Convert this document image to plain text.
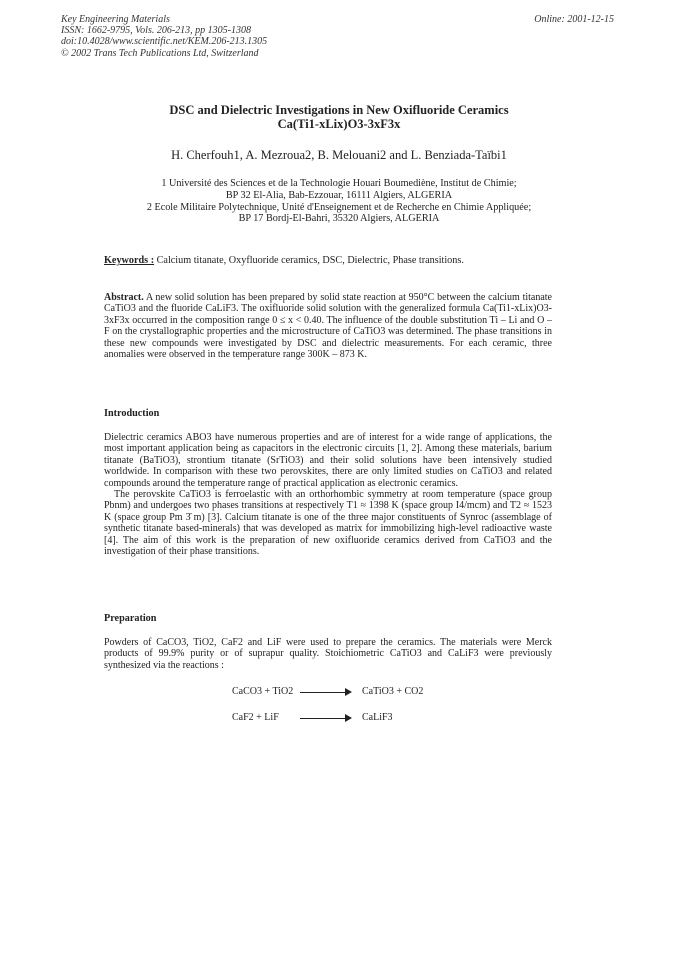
Key Engineering Materials
ISSN: 1662-9795, Vols. 206-213, pp 1305-1308
doi:10.4028/www.scientific.net/KEM.206-213.1305
© 2002 Trans Tech Publications Ltd, Switzerland
Online: 2001-12-15
DSC and Dielectric Investigations in New Oxifluoride Ceramics
Ca(Ti1-xLix)O3-3xF3x
H. Cherfouh1, A. Mezroua2, B. Melouani2 and L. Benziada-Taïbi1
1 Université des Sciences et de la Technologie Houari Boumediène, Institut de Chimie;
BP 32 El-Alia, Bab-Ezzouar, 16111 Algiers, ALGERIA
2 Ecole Militaire Polytechnique, Unité d'Enseignement et de Recherche en Chimie Appliquée;
BP 17 Bordj-El-Bahri, 35320 Algiers, ALGERIA
Keywords : Calcium titanate, Oxyfluoride ceramics, DSC, Dielectric, Phase transitions.

Abstract. A new solid solution has been prepared by solid state reaction at 950°C between the calcium titanate CaTiO3 and the fluoride CaLiF3. The oxifluoride solid solution with the generalized formula Ca(Ti1-xLix)O3-3xF3x occurred in the composition range 0 ≤ x < 0.40. The influence of the double substitution Ti – Li and O – F on the crystallographic properties and the microstructure of CaTiO3 was determined. The phase transitions in these new compounds were investigated by DSC and dielectric measurements. For each ceramic, three anomalies were observed in the temperature range 300K – 873 K.

Introduction

Dielectric ceramics ABO3 have numerous properties and are of interest for a wide range of applications, the most important application being as capacitors in the electronic circuits [1, 2]. Among these materials, barium titanate (BaTiO3), strontium titanate (SrTiO3) and their solid solutions have been intensively studied worldwide. In comparison with these two perovskites, there are only limited studies on CaTiO3 and related compounds around the temperature range of practical application as electronic ceramics.

The perovskite CaTiO3 is ferroelastic with an orthorhombic symmetry at room temperature (space group Pbnm) and undergoes two phases transitions at respectively T1 ≈ 1398 K (space group I4/mcm) and T2 ≈ 1523 K (space group Pm 3̄ m) [3]. Calcium titanate is one of the three major constituents of Synroc (assemblage of synthetic titanate based-minerals) that was developed as matrix for immobilizing high-level radioactive waste [4]. The aim of this work is the preparation of new oxifluoride ceramics derived from CaTiO3 and the investigation of their phase transitions.

Preparation

Powders of CaCO3, TiO2, CaF2 and LiF were used to prepare the ceramics. The materials were Merck products of 99.9% purity or of suprapur quality. Stoichiometric CaTiO3 and CaLiF3 were previously synthesized via the reactions :

CaCO3 + TiO2	CaTiO3 + CO2
CaF2 + LiF	CaLiF3
